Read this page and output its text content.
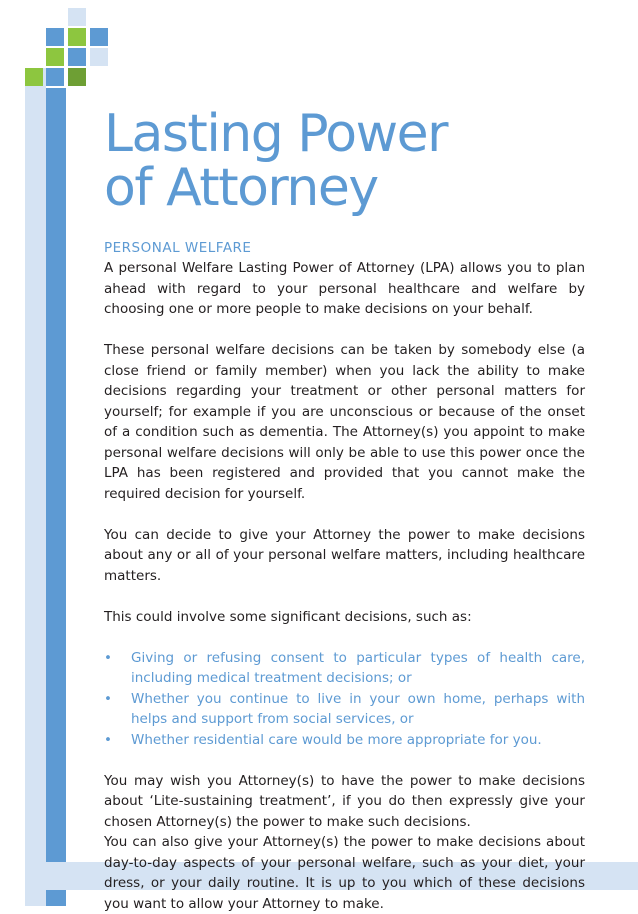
Lasting Power
of Attorney
PERSONAL WELFARE

A personal Welfare Lasting Power of Attorney (LPA) allows you to plan ahead with regard to your personal healthcare and welfare by choosing one or more people to make decisions on your behalf.

These personal welfare decisions can be taken by somebody else (a close friend or family member) when you lack the ability to make decisions regarding your treatment or other personal matters for yourself; for example if you are unconscious or because of the onset of a condition such as dementia. The Attorney(s) you appoint to make personal welfare decisions will only be able to use this power once the LPA has been registered and provided that you cannot make the required decision for yourself.

You can decide to give your Attorney the power to make decisions about any or all of your personal welfare matters, including healthcare matters.

This could involve some significant decisions, such as:

• Giving or refusing consent to particular types of health care, including medical treatment decisions; or
• Whether you continue to live in your own home, perhaps with helps and support from social services, or
• Whether residential care would be more appropriate for you.

You may wish you Attorney(s) to have the power to make decisions about ‘Lite-sustaining treatment’, if you do then expressly give your chosen Attorney(s) the power to make such decisions.

You can also give your Attorney(s) the power to make decisions about day-to-day aspects of your personal welfare, such as your diet, your dress, or your daily routine. It is up to you which of these decisions you want to allow your Attorney to make.
